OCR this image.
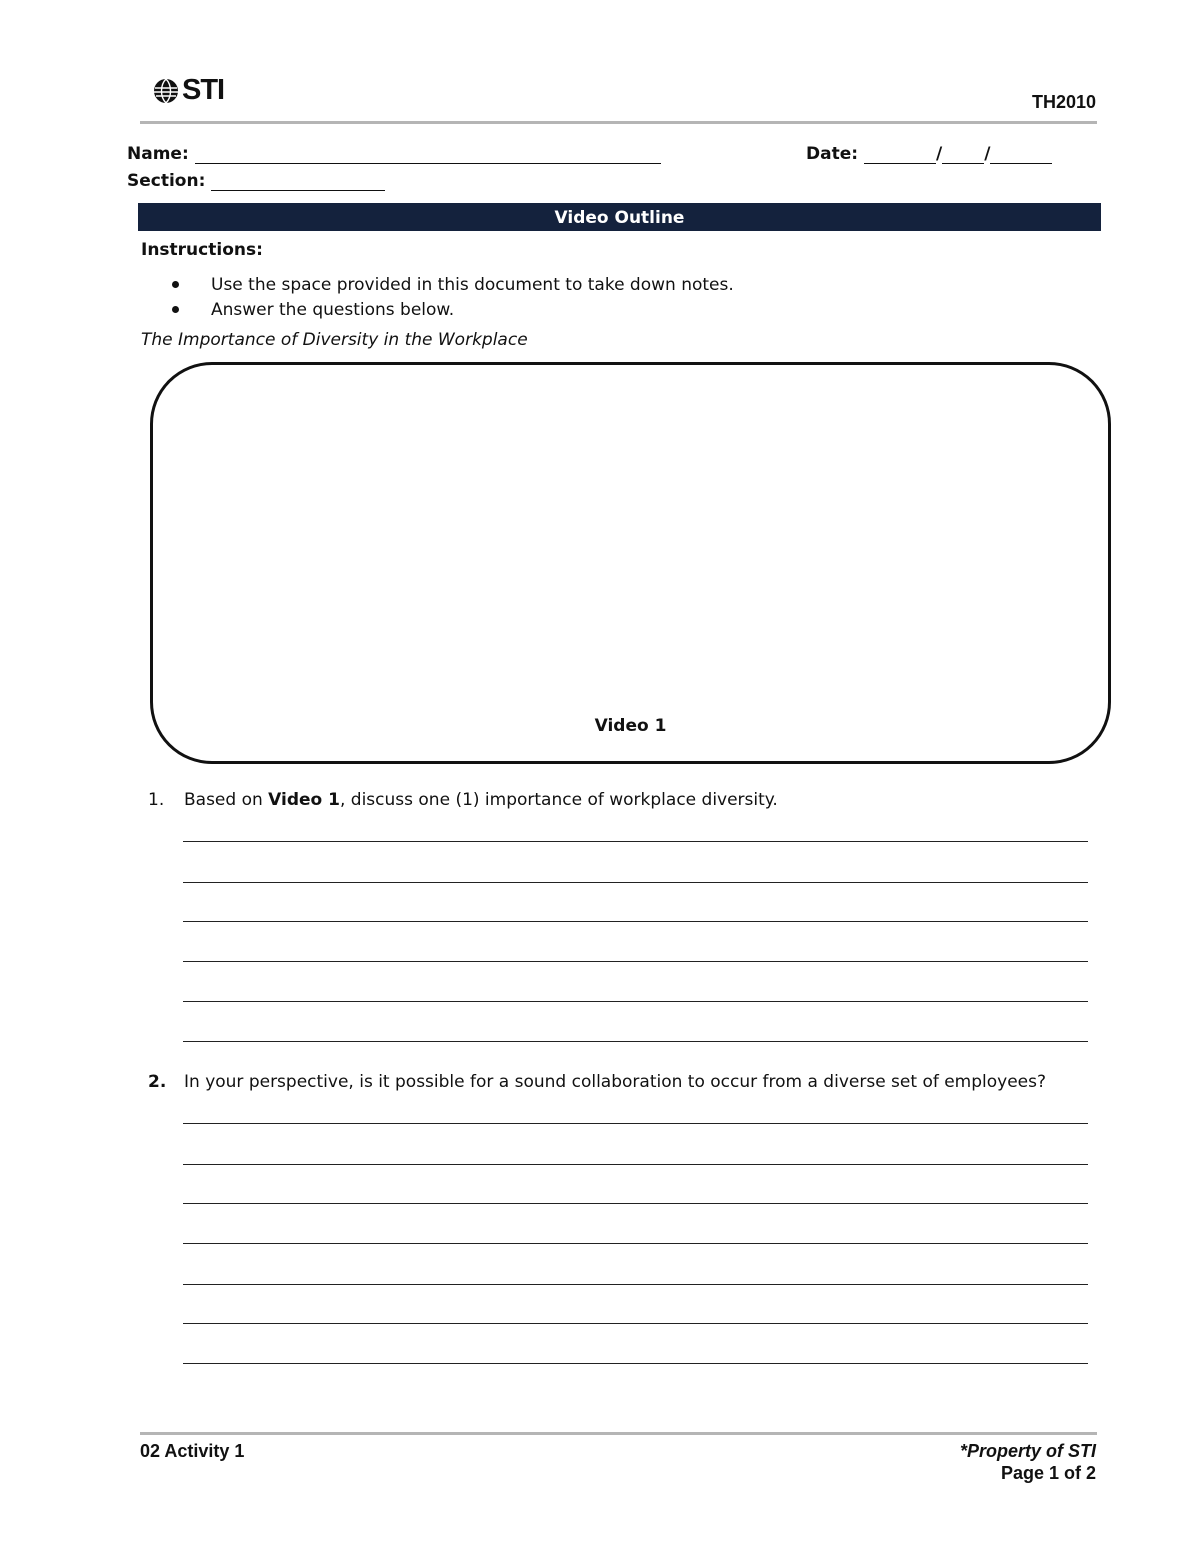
STI	TH2010
Name:	Date:	/ /
Section:
Video Outline
Instructions:
Use the space provided in this document to take down notes.
Answer the questions below.
The Importance of Diversity in the Workplace
Video 1
1.	Based on Video 1, discuss one (1) importance of workplace diversity.
2.	In your perspective, is it possible for a sound collaboration to occur from a diverse set of employees?
02 Activity 1	*Property of STI
Page 1 of 2
